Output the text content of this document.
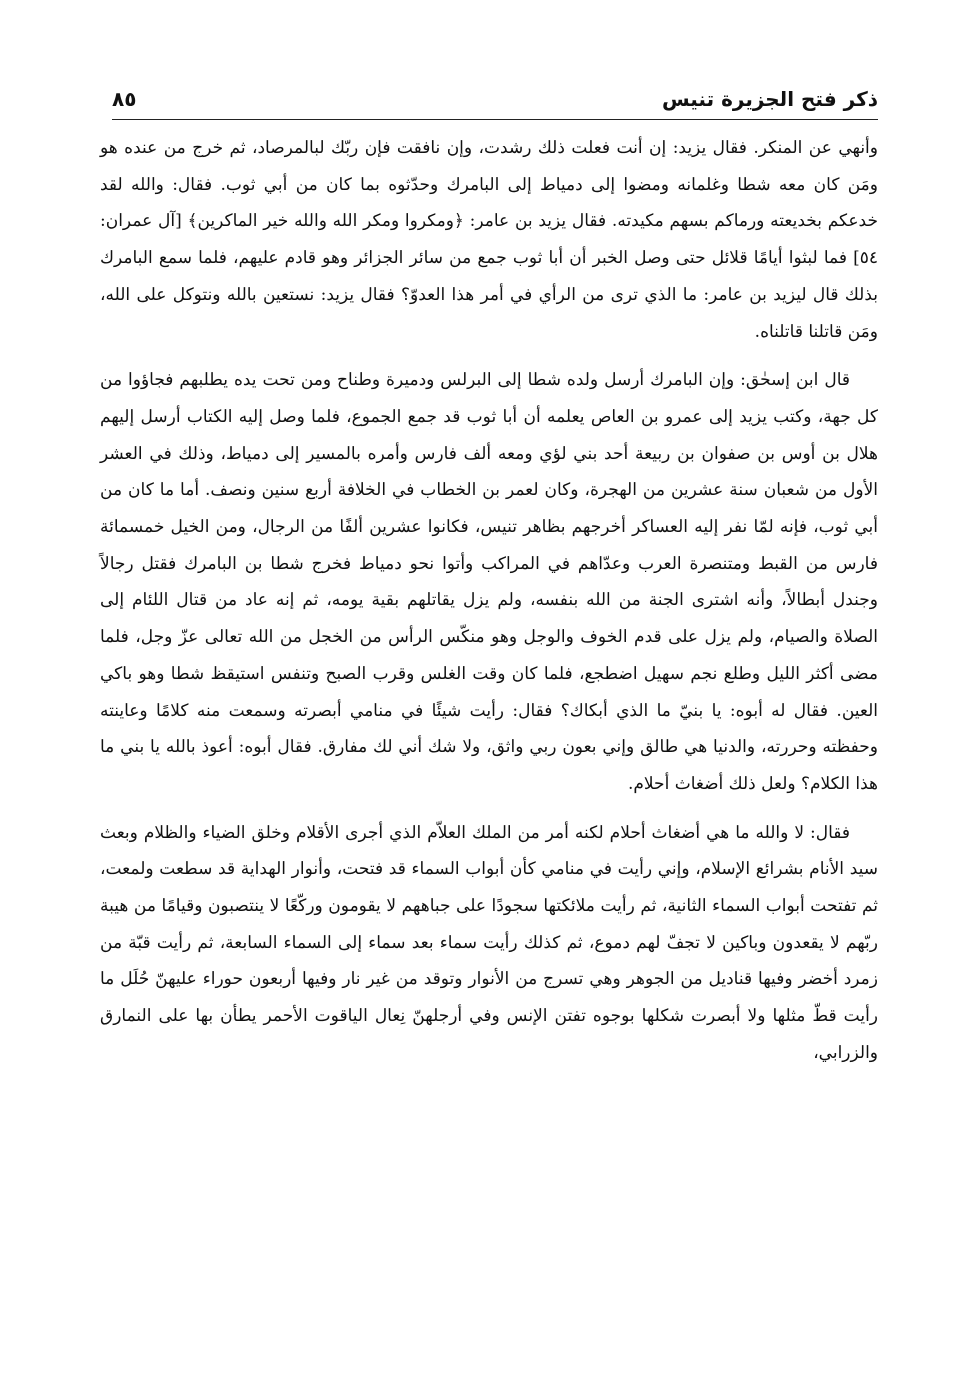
ذكر فتح الجزيرة تنيس
٨٥

وأنهي عن المنكر. فقال يزيد: إن أنت فعلت ذلك رشدت، وإن نافقت فإن ربّك لبالمرصاد، ثم خرج من عنده هو ومَن كان معه شطا وغلمانه ومضوا إلى دمياط إلى البامرك وحدّثوه بما كان من أبي ثوب. فقال: والله لقد خدعكم بخديعته ورماكم بسهم مكيدته. فقال يزيد بن عامر: ﴿ومكروا ومكر الله والله خير الماكرين﴾ [آل عمران: ٥٤] فما لبثوا أيامًا قلائل حتى وصل الخبر أن أبا ثوب جمع من سائر الجزائر وهو قادم عليهم، فلما سمع البامرك بذلك قال ليزيد بن عامر: ما الذي ترى من الرأي في أمر هذا العدوّ؟ فقال يزيد: نستعين بالله ونتوكل على الله، ومَن قاتلنا قاتلناه.

قال ابن إسحٰق: وإن البامرك أرسل ولده شطا إلى البرلس ودميرة وطناح ومن تحت يده يطلبهم فجاؤوا من كل جهة، وكتب يزيد إلى عمرو بن العاص يعلمه أن أبا ثوب قد جمع الجموع، فلما وصل إليه الكتاب أرسل إليهم هلال بن أوس بن صفوان بن ربيعة أحد بني لؤي ومعه ألف فارس وأمره بالمسير إلى دمياط، وذلك في العشر الأول من شعبان سنة عشرين من الهجرة، وكان لعمر بن الخطاب في الخلافة أربع سنين ونصف. أما ما كان من أبي ثوب، فإنه لمّا نفر إليه العساكر أخرجهم بظاهر تنيس، فكانوا عشرين ألفًا من الرجال، ومن الخيل خمسمائة فارس من القبط ومتنصرة العرب وعدّاهم في المراكب وأتوا نحو دمياط فخرج شطا بن البامرك فقتل رجالاً وجندل أبطالاً، وأنه اشترى الجنة من الله بنفسه، ولم يزل يقاتلهم بقية يومه، ثم إنه عاد من قتال اللئام إلى الصلاة والصيام، ولم يزل على قدم الخوف والوجل وهو منكّس الرأس من الخجل من الله تعالى عزّ وجل، فلما مضى أكثر الليل وطلع نجم سهيل اضطجع، فلما كان وقت الغلس وقرب الصبح وتنفس استيقظ شطا وهو باكي العين. فقال له أبوه: يا بنيّ ما الذي أبكاك؟ فقال: رأيت شيئًا في منامي أبصرته وسمعت منه كلامًا وعاينته وحفظته وحررته، والدنيا هي طالق وإني بعون ربي واثق، ولا شك أني لك مفارق. فقال أبوه: أعوذ بالله يا بني ما هذا الكلام؟ ولعل ذلك أضغاث أحلام.

فقال: لا والله ما هي أضغاث أحلام لكنه أمر من الملك العلاّم الذي أجرى الأقلام وخلق الضياء والظلام وبعث سيد الأنام بشرائع الإسلام، وإني رأيت في منامي كأن أبواب السماء قد فتحت، وأنوار الهداية قد سطعت ولمعت، ثم تفتحت أبواب السماء الثانية، ثم رأيت ملائكتها سجودًا على جباههم لا يقومون وركّعًا لا ينتصبون وقيامًا من هيبة ربّهم لا يقعدون وباكين لا تجفّ لهم دموع، ثم كذلك رأيت سماء بعد سماء إلى السماء السابعة، ثم رأيت قبّة من زمرد أخضر وفيها قناديل من الجوهر وهي تسرج من الأنوار وتوقد من غير نار وفيها أربعون حوراء عليهنّ حُلَل ما رأيت قطّ مثلها ولا أبصرت شكلها بوجوه تفتن الإنس وفي أرجلهنّ نِعال الياقوت الأحمر يطأن بها على النمارق والزرابي،
